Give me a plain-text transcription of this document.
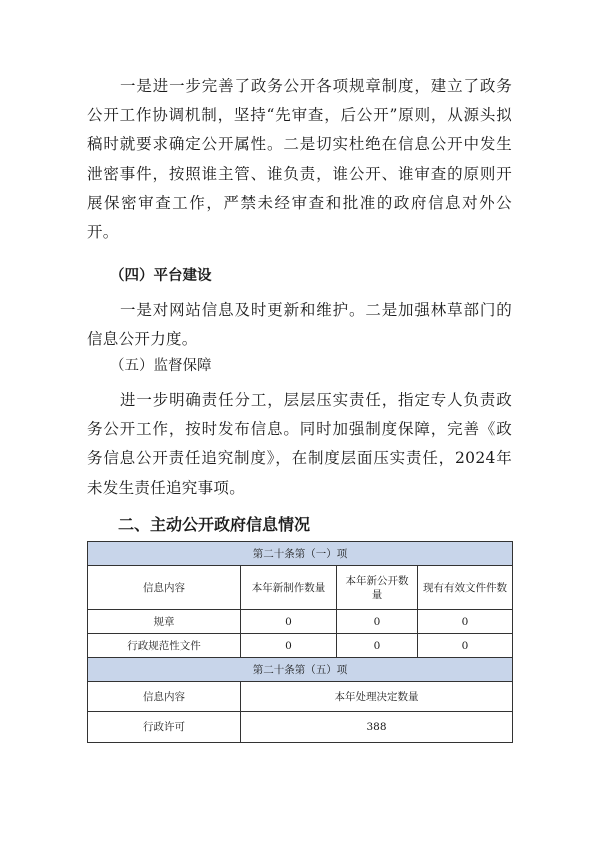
一是进一步完善了政务公开各项规章制度，建立了政务公开工作协调机制，坚持“先审查，后公开”原则，从源头拟稿时就要求确定公开属性。二是切实杜绝在信息公开中发生泄密事件，按照谁主管、谁负责，谁公开、谁审查的原则开展保密审查工作，严禁未经审查和批准的政府信息对外公开。

（四）平台建设

一是对网站信息及时更新和维护。二是加强林草部门的信息公开力度。

（五）监督保障

进一步明确责任分工，层层压实责任，指定专人负责政务公开工作，按时发布信息。同时加强制度保障，完善《政务信息公开责任追究制度》，在制度层面压实责任，2024年未发生责任追究事项。

二、主动公开政府信息情况
第二十条第（一）项			
信息内容	本年新制作数量	本年新公开数量	现有有效文件件数
规章	0	0	0
行政规范性文件	0	0	0
第二十条第（五）项			
信息内容	本年处理决定数量		
行政许可	388		
